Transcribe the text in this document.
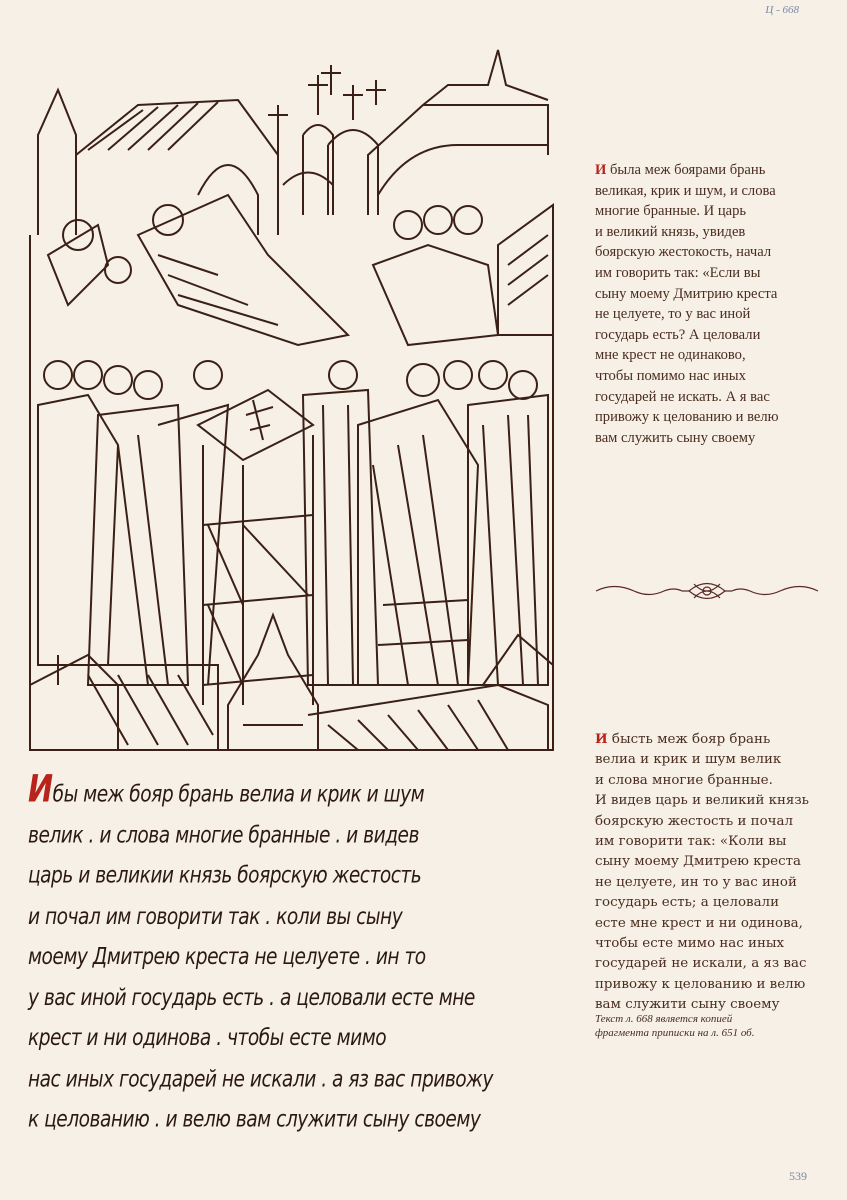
Ц - 668
И была меж боярами брань
великая, крик и шум, и слова
многие бранные. И царь
и великий князь, увидев
боярскую жестокость, начал
им говорить так: «Если вы
сыну моему Дмитрию креста
не целуете, то у вас иной
государь есть? А целовали
мне крест не одинаково,
чтобы помимо нас иных
государей не искать. А я вас
привожу к целованию и велю
вам служить сыну своему
И бысть меж бояр брань
велиа и крик и шум велик
и слова многие бранные.
И видев царь и великий князь
боярскую жестость и почал
им говорити так: «Коли вы
сыну моему Дмитрею креста
не целуете, ин то у вас иной
государь есть; а целовали
есте мне крест и ни одинова,
чтобы есте мимо нас иных
государей не искали, а яз вас
привожу к целованию и велю
вам служити сыну своему
Текст л. 668 является копией
фрагмента приписки на л. 651 об.
Ибы меж бояр брань велиа и крик и шум
велик . и слова многие бранные . и видев
царь и великии князь боярскую жестость
и почал им говорити так . коли вы сыну
моему Дмитрею креста не целуете . ин то
у вас иной государь есть . а целовали есте мне
крест и ни одинова . чтобы есте мимо
нас иных государей не искали . а яз вас привожу
к целованию . и велю вам служити сыну своему
539
